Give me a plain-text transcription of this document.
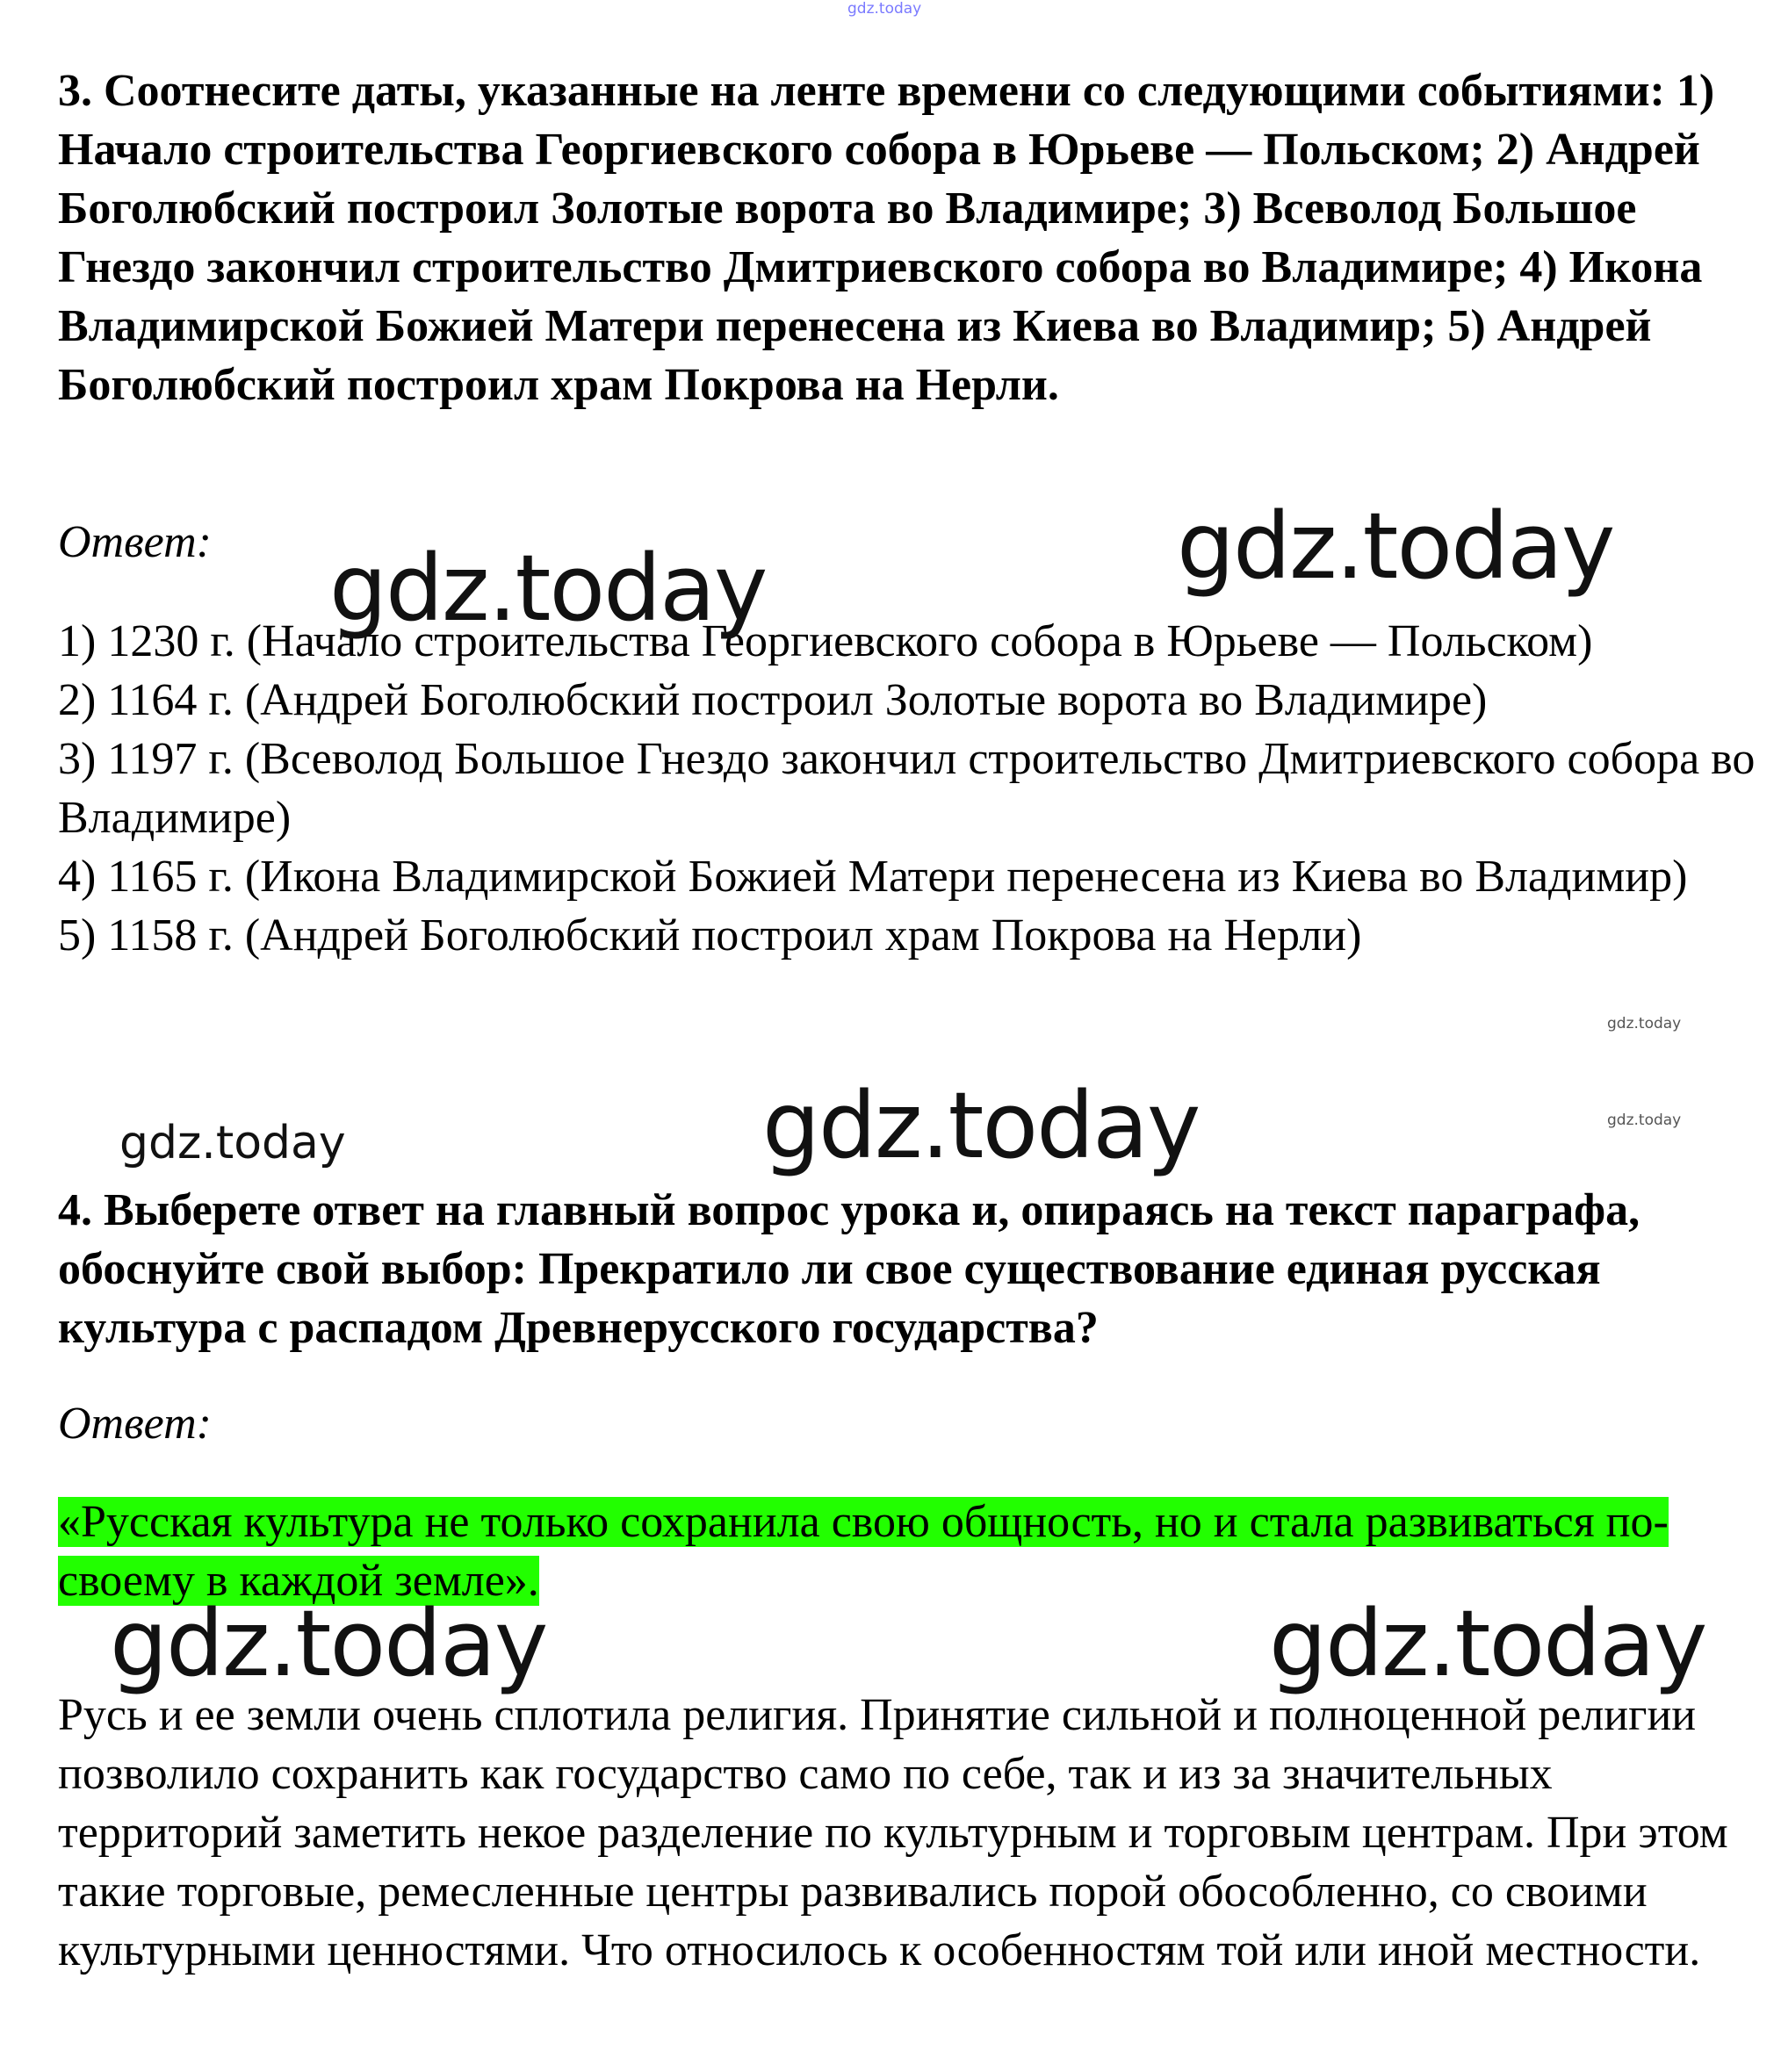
gdz.today

3. Соотнесите даты, указанные на ленте времени со следующими событиями: 1) Начало строительства Георгиевского собора в Юрьеве — Польском; 2) Андрей Боголюбский построил Золотые ворота во Владимире; 3) Всеволод Большое Гнездо закончил строительство Дмитриевского собора во Владимире; 4) Икона Владимирской Божией Матери перенесена из Киева во Владимир; 5) Андрей Боголюбский построил храм Покрова на Нерли.

Ответ:

1) 1230 г. (Начало строительства Георгиевского собора в Юрьеве — Польском)
2) 1164 г. (Андрей Боголюбский построил Золотые ворота во Владимире)
3) 1197 г. (Всеволод Большое Гнездо закончил строительство Дмитриевского собора во Владимире)
4) 1165 г. (Икона Владимирской Божией Матери перенесена из Киева во Владимир)
5) 1158 г. (Андрей Боголюбский построил храм Покрова на Нерли)

4. Выберете ответ на главный вопрос урока и, опираясь на текст параграфа, обоснуйте свой выбор: Прекратило ли свое существование единая русская культура с распадом Древнерусского государства?

Ответ:

«Русская культура не только сохранила свою общность, но и стала развиваться по-своему в каждой земле».

Русь и ее земли очень сплотила религия. Принятие сильной и полноценной религии позволило сохранить как государство само по себе, так и из за значительных территорий заметить некое разделение по культурным и торговым центрам. При этом такие торговые, ремесленные центры развивались порой обособленно, со своими культурными ценностями. Что относилось к особенностям той или иной местности.

gdz.today
gdz.today
gdz.today
gdz.today
gdz.today
gdz.today
gdz.today	gdz.today
